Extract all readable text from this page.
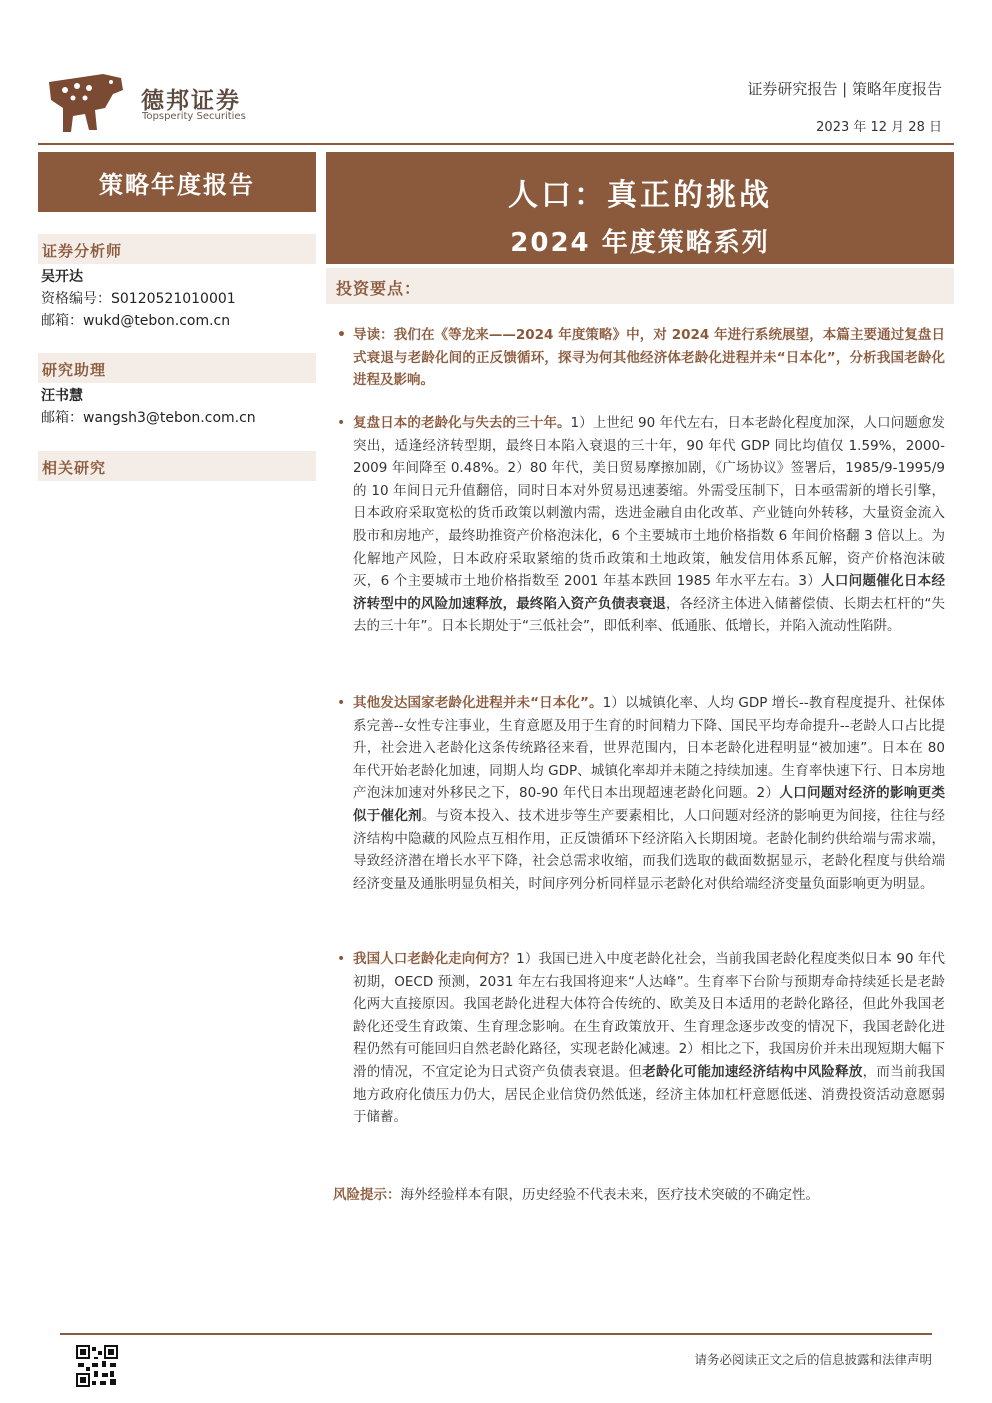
德邦证券
Topsperity Securities
证券研究报告 | 策略年度报告
2023 年 12 月 28 日
策略年度报告	人口：真正的挑战
2024 年度策略系列
证券分析师
吴开达
资格编号：S0120521010001
邮箱：wukd@tebon.com.cn
研究助理
汪书慧
邮箱：wangsh3@tebon.com.cn
相关研究
投资要点：
• 导读：我们在《等龙来——2024 年度策略》中，对 2024 年进行系统展望，本篇主要通过复盘日式衰退与老龄化间的正反馈循环，探寻为何其他经济体老龄化进程并未“日本化”，分析我国老龄化进程及影响。
• 复盘日本的老龄化与失去的三十年。1）上世纪 90 年代左右，日本老龄化程度加深，人口问题愈发突出，适逢经济转型期，最终日本陷入衰退的三十年，90 年代 GDP 同比均值仅 1.59%，2000-2009 年间降至 0.48%。2）80 年代，美日贸易摩擦加剧，《广场协议》签署后，1985/9-1995/9 的 10 年间日元升值翻倍，同时日本对外贸易迅速萎缩。外需受压制下，日本亟需新的增长引擎，日本政府采取宽松的货币政策以刺激内需，迭进金融自由化改革、产业链向外转移，大量资金流入股市和房地产，最终助推资产价格泡沫化，6 个主要城市土地价格指数 6 年间价格翻 3 倍以上。为化解地产风险，日本政府采取紧缩的货币政策和土地政策，触发信用体系瓦解，资产价格泡沫破灭，6 个主要城市土地价格指数至 2001 年基本跌回 1985 年水平左右。3）人口问题催化日本经济转型中的风险加速释放，最终陷入资产负债表衰退，各经济主体进入储蓄偿债、长期去杠杆的“失去的三十年”。日本长期处于“三低社会”，即低利率、低通胀、低增长，并陷入流动性陷阱。
• 其他发达国家老龄化进程并未“日本化”。1）以城镇化率、人均 GDP 增长--教育程度提升、社保体系完善--女性专注事业，生育意愿及用于生育的时间精力下降、国民平均寿命提升--老龄人口占比提升，社会进入老龄化这条传统路径来看，世界范围内，日本老龄化进程明显“被加速”。日本在 80 年代开始老龄化加速，同期人均 GDP、城镇化率却并未随之持续加速。生育率快速下行、日本房地产泡沫加速对外移民之下，80-90 年代日本出现超速老龄化问题。2）人口问题对经济的影响更类似于催化剂。与资本投入、技术进步等生产要素相比，人口问题对经济的影响更为间接，往往与经济结构中隐藏的风险点互相作用，正反馈循环下经济陷入长期困境。老龄化制约供给端与需求端，导致经济潜在增长水平下降，社会总需求收缩，而我们选取的截面数据显示，老龄化程度与供给端经济变量及通胀明显负相关，时间序列分析同样显示老龄化对供给端经济变量负面影响更为明显。
• 我国人口老龄化走向何方？1）我国已进入中度老龄化社会，当前我国老龄化程度类似日本 90 年代初期，OECD 预测，2031 年左右我国将迎来“人达峰”。生育率下台阶与预期寿命持续延长是老龄化两大直接原因。我国老龄化进程大体符合传统的、欧美及日本适用的老龄化路径，但此外我国老龄化还受生育政策、生育理念影响。在生育政策放开、生育理念逐步改变的情况下，我国老龄化进程仍然有可能回归自然老龄化路径，实现老龄化减速。2）相比之下，我国房价并未出现短期大幅下滑的情况，不宜定论为日式资产负债表衰退。但老龄化可能加速经济结构中风险释放，而当前我国地方政府化债压力仍大，居民企业信贷仍然低迷，经济主体加杠杆意愿低迷、消费投资活动意愿弱于储蓄。
风险提示：海外经验样本有限，历史经验不代表未来，医疗技术突破的不确定性。
请务必阅读正文之后的信息披露和法律声明
